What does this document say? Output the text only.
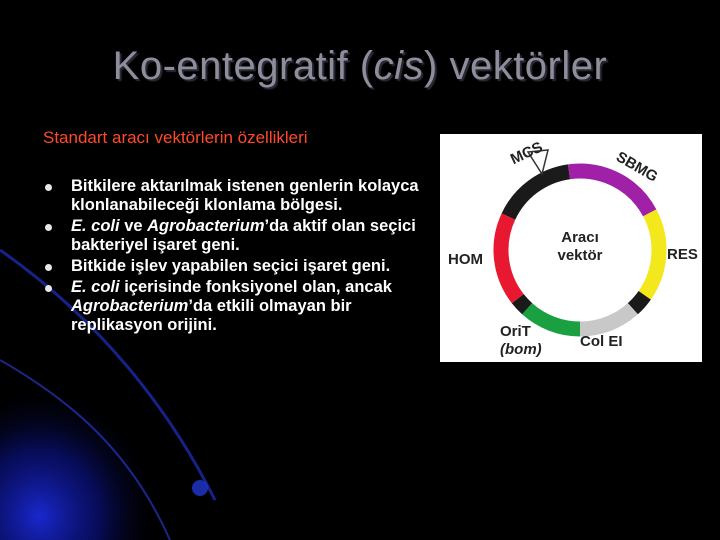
Ko-entegratif (cis) vektörler
Standart aracı vektörlerin özellikleri
Bitkilere aktarılmak istenen genlerin kolayca klonlanabileceği klonlama bölgesi.
E. coli ve Agrobacterium’da aktif olan seçici bakteriyel işaret geni.
Bitkide işlev yapabilen seçici işaret geni.
E. coli içerisinde fonksiyonel olan, ancak Agrobacterium’da etkili olmayan bir replikasyon orijini.
Aracı
vektör
MCS	SBMG
RES
HOM
OriT
(bom)	Col EI
